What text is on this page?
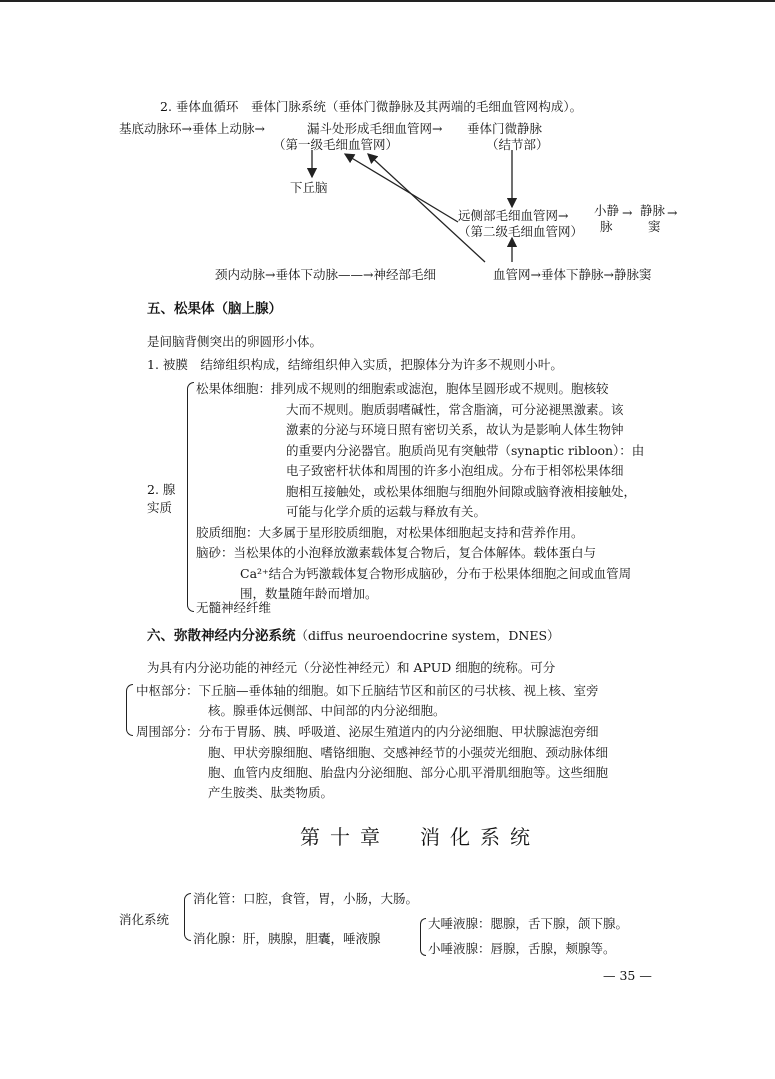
2. 垂体血循环　垂体门脉系统（垂体门微静脉及其两端的毛细血管网构成）。
基底动脉环→垂体上动脉→	漏斗处形成毛细血管网→ 垂体门微静脉
（第一级毛细血管网）	（结节部）
下丘脑
远侧部毛细血管网→
（第二级毛细血管网）
小静
脉
→ 静脉
窦
→
颈内动脉→垂体下动脉——→神经部毛细	血管网→垂体下静脉→静脉窦
五、松果体（脑上腺）
是间脑背侧突出的卵圆形小体。
1. 被膜　结缔组织构成，结缔组织伸入实质，把腺体分为许多不规则小叶。
2. 腺
实质
松果体细胞：排列成不规则的细胞索或滤泡，胞体呈圆形或不规则。胞核较
大而不规则。胞质弱嗜碱性，常含脂滴，可分泌褪黑激素。该
激素的分泌与环境日照有密切关系，故认为是影响人体生物钟
的重要内分泌器官。胞质尚见有突触带（synaptic ribloon）：由
电子致密杆状体和周围的许多小泡组成。分布于相邻松果体细
胞相互接触处，或松果体细胞与细胞外间隙或脑脊液相接触处，
可能与化学介质的运载与释放有关。
胶质细胞：大多属于星形胶质细胞，对松果体细胞起支持和营养作用。
脑砂：当松果体的小泡释放激素载体复合物后，复合体解体。载体蛋白与
Ca²⁺结合为钙激载体复合物形成脑砂，分布于松果体细胞之间或血管周
围，数量随年龄而增加。
无髓神经纤维
六、弥散神经内分泌系统（diffus neuroendocrine system，DNES）
为具有内分泌功能的神经元（分泌性神经元）和 APUD 细胞的统称。可分
中枢部分：下丘脑—垂体轴的细胞。如下丘脑结节区和前区的弓状核、视上核、室旁
核。腺垂体远侧部、中间部的内分泌细胞。
周围部分：分布于胃肠、胰、呼吸道、泌尿生殖道内的内分泌细胞、甲状腺滤泡旁细
胞、甲状旁腺细胞、嗜铬细胞、交感神经节的小强荧光细胞、颈动脉体细
胞、血管内皮细胞、胎盘内分泌细胞、部分心肌平滑肌细胞等。这些细胞
产生胺类、肽类物质。
第十章　消化系统
消化系统
消化管：口腔，食管，胃，小肠，大肠。
消化腺：肝，胰腺，胆囊，唾液腺
大唾液腺：腮腺，舌下腺，颌下腺。
小唾液腺：唇腺，舌腺，颊腺等。
— 35 —
